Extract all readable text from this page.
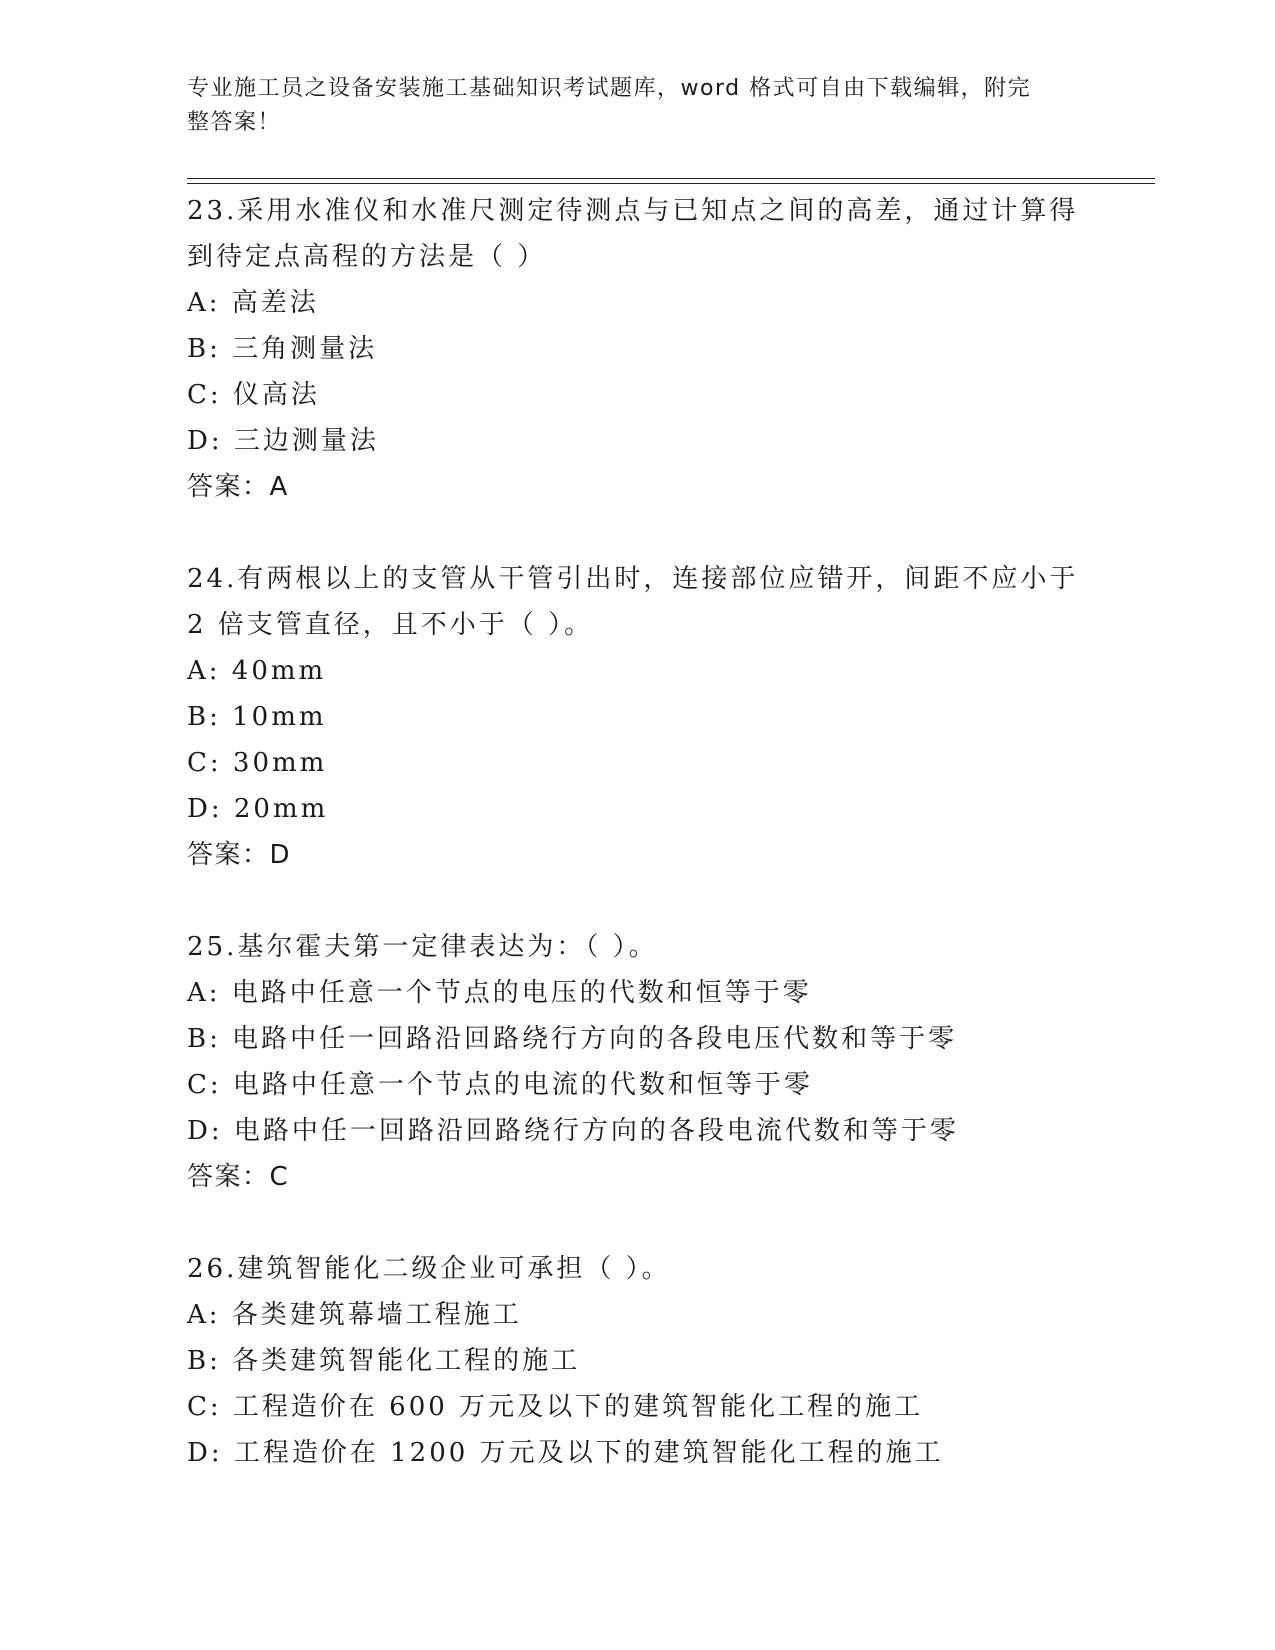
专业施工员之设备安装施工基础知识考试题库，word 格式可自由下载编辑，附完
整答案！
23.采用水准仪和水准尺测定待测点与已知点之间的高差，通过计算得
到待定点高程的方法是（ ）
A: 高差法
B: 三角测量法
C: 仪高法
D: 三边测量法
答案：A
24.有两根以上的支管从干管引出时，连接部位应错开，间距不应小于
2 倍支管直径，且不小于（ ）。
A: 40mm
B: 10mm
C: 30mm
D: 20mm
答案：D
25.基尔霍夫第一定律表达为：（ ）。
A: 电路中任意一个节点的电压的代数和恒等于零
B: 电路中任一回路沿回路绕行方向的各段电压代数和等于零
C: 电路中任意一个节点的电流的代数和恒等于零
D: 电路中任一回路沿回路绕行方向的各段电流代数和等于零
答案：C
26.建筑智能化二级企业可承担（ ）。
A: 各类建筑幕墙工程施工
B: 各类建筑智能化工程的施工
C: 工程造价在 600 万元及以下的建筑智能化工程的施工
D: 工程造价在 1200 万元及以下的建筑智能化工程的施工
